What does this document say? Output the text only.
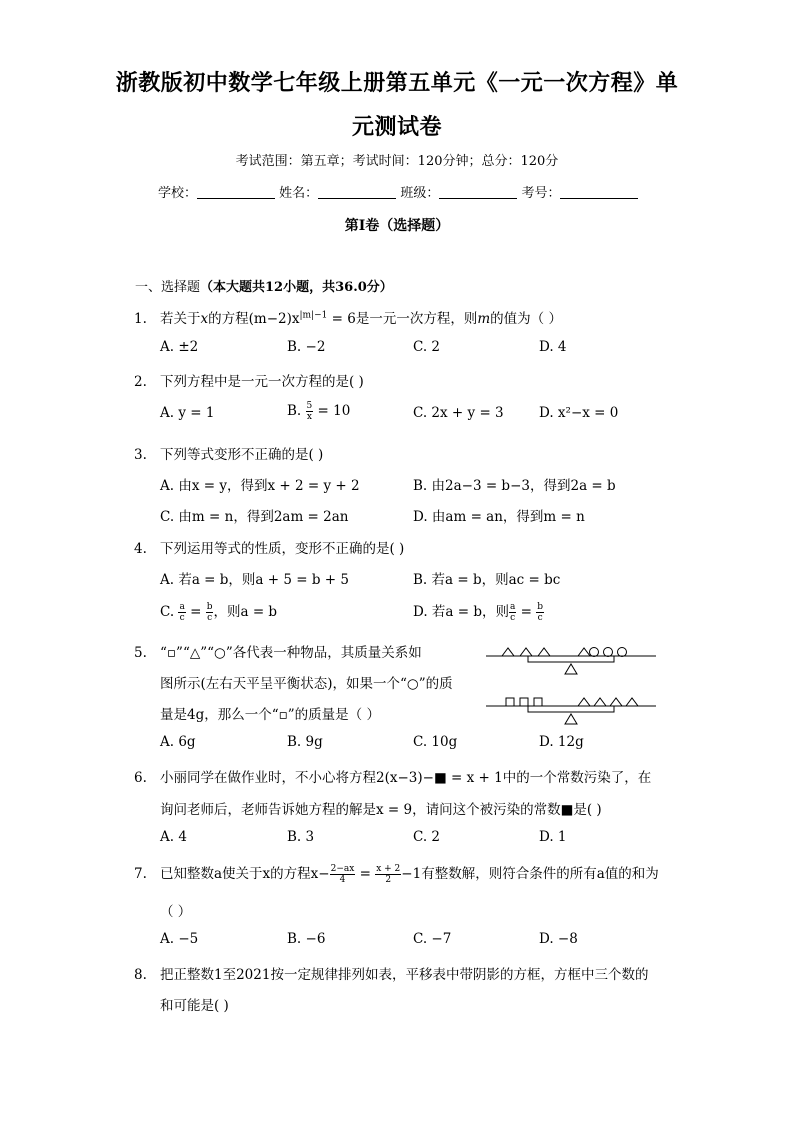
浙教版初中数学七年级上册第五单元《一元一次方程》单
元测试卷
考试范围：第五章；考试时间：120分钟；总分：120分
学校：	姓名：	班级：	考号：
第I卷（选择题）
一、选择题（本大题共12小题，共36.0分）
1. 若关于x的方程$(m-2)x^{|m|-1} = 6$是一元一次方程，则m的值为（ ）
A. ±2	B. −2	C. 2	D. 4
2. 下列方程中是一元一次方程的是( )
A. y = 1	B. $\frac{5}{x} = 10$	C. 2x + y = 3	D. x²−x = 0
3. 下列等式变形不正确的是( )
A. 由x = y，得到x + 2 = y + 2	B. 由2a−3 = b−3，得到2a = b
C. 由m = n，得到2am = 2an	D. 由am = an，得到m = n
4. 下列运用等式的性质，变形不正确的是( )
A. 若a = b，则a + 5 = b + 5	B. 若a = b，则ac = bc
C. $\frac{a}{c} = \frac{b}{c}$ ，则a = b	D. 若a = b，则 $\frac{a}{c} = \frac{b}{c}$
5. “▫”“△”“○”各代表一种物品，其质量关系如
图所示(左右天平呈平衡状态)，如果一个“○”的质
量是4g，那么一个“▫”的质量是（ ）
A. 6g	B. 9g	C. 10g	D. 12g
6. 小丽同学在做作业时，不小心将方程2(x−3)−■ = x + 1中的一个常数污染了，在
询问老师后，老师告诉她方程的解是x = 9，请问这个被污染的常数■是( )
A. 4	B. 3	C. 2	D. 1
7. 已知整数a使关于x的方程$x- \frac{2-ax}{4} = \frac{x + 2}{2} -1$有整数解，则符合条件的所有a值的和为
（ ）
A. −5	B. −6	C. −7	D. −8
8. 把正整数1至2021按一定规律排列如表，平移表中带阴影的方框，方框中三个数的
和可能是( )
